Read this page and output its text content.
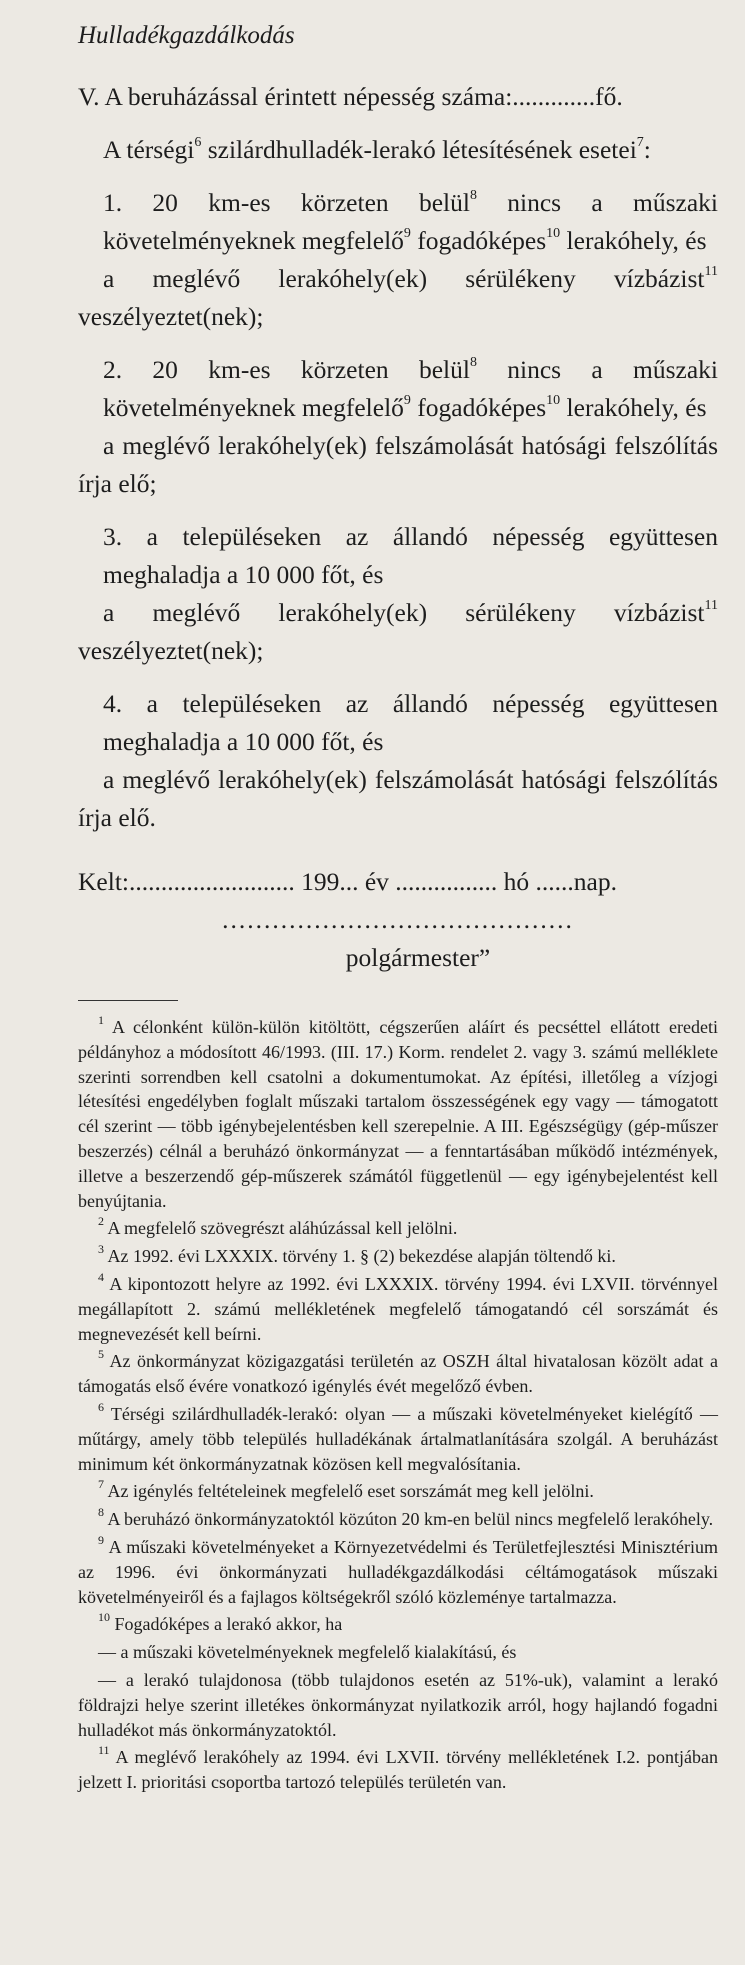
Hulladékgazdálkodás

V. A beruházással érintett népesség száma:.............fő.

A térségi$^6$ szilárdhulladék-lerakó létesítésének esetei$^7$:

1. 20 km-es körzeten belül$^8$ nincs a műszaki követelményeknek megfelelő$^9$ fogadóképes$^{10}$ lerakóhely, és

a meglévő lerakóhely(ek) sérülékeny vízbázist$^{11}$ veszélyeztet(nek);

2. 20 km-es körzeten belül$^8$ nincs a műszaki követelményeknek megfelelő$^9$ fogadóképes$^{10}$ lerakóhely, és

a meglévő lerakóhely(ek) felszámolását hatósági felszólítás írja elő;

3. a településeken az állandó népesség együttesen meghaladja a 10 000 főt, és

a meglévő lerakóhely(ek) sérülékeny vízbázist$^{11}$ veszélyeztet(nek);

4. a településeken az állandó népesség együttesen meghaladja a 10 000 főt, és

a meglévő lerakóhely(ek) felszámolását hatósági felszólítás írja elő.

Kelt:.......................... 199... év ................ hó ......nap.

..........................................

polgármester”

$^1$ A célonként külön-külön kitöltött, cégszerűen aláírt és pecséttel ellátott eredeti példányhoz a módosított 46/1993. (III. 17.) Korm. rendelet 2. vagy 3. számú melléklete szerinti sorrendben kell csatolni a dokumentumokat. Az építési, illetőleg a vízjogi létesítési engedélyben foglalt műszaki tartalom összességének egy vagy — támogatott cél szerint — több igénybejelentésben kell szerepelnie. A III. Egészségügy (gép-műszer beszerzés) célnál a beruházó önkormányzat — a fenntartásában működő intézmények, illetve a beszerzendő gép-műszerek számától függetlenül — egy igénybejelentést kell benyújtania.

$^2$ A megfelelő szövegrészt aláhúzással kell jelölni.

$^3$ Az 1992. évi LXXXIX. törvény 1. § (2) bekezdése alapján töltendő ki.

$^4$ A kipontozott helyre az 1992. évi LXXXIX. törvény 1994. évi LXVII. törvénnyel megállapított 2. számú mellékletének megfelelő támogatandó cél sorszámát és megnevezését kell beírni.

$^5$ Az önkormányzat közigazgatási területén az OSZH által hivatalosan közölt adat a támogatás első évére vonatkozó igénylés évét megelőző évben.

$^6$ Térségi szilárdhulladék-lerakó: olyan — a műszaki követelményeket kielégítő — műtárgy, amely több település hulladékának ártalmatlanítására szolgál. A beruházást minimum két önkormányzatnak közösen kell megvalósítania.

$^7$ Az igénylés feltételeinek megfelelő eset sorszámát meg kell jelölni.

$^8$ A beruházó önkormányzatoktól közúton 20 km-en belül nincs megfelelő lerakóhely.

$^9$ A műszaki követelményeket a Környezetvédelmi és Területfejlesztési Minisztérium az 1996. évi önkormányzati hulladékgazdálkodási céltámogatások műszaki követelményeiről és a fajlagos költségekről szóló közleménye tartalmazza.

$^{10}$ Fogadóképes a lerakó akkor, ha

— a műszaki követelményeknek megfelelő kialakítású, és

— a lerakó tulajdonosa (több tulajdonos esetén az 51%-uk), valamint a lerakó földrajzi helye szerint illetékes önkormányzat nyilatkozik arról, hogy hajlandó fogadni hulladékot más önkormányzatoktól.

$^{11}$ A meglévő lerakóhely az 1994. évi LXVII. törvény mellékletének I.2. pontjában jelzett I. prioritási csoportba tartozó település területén van.
